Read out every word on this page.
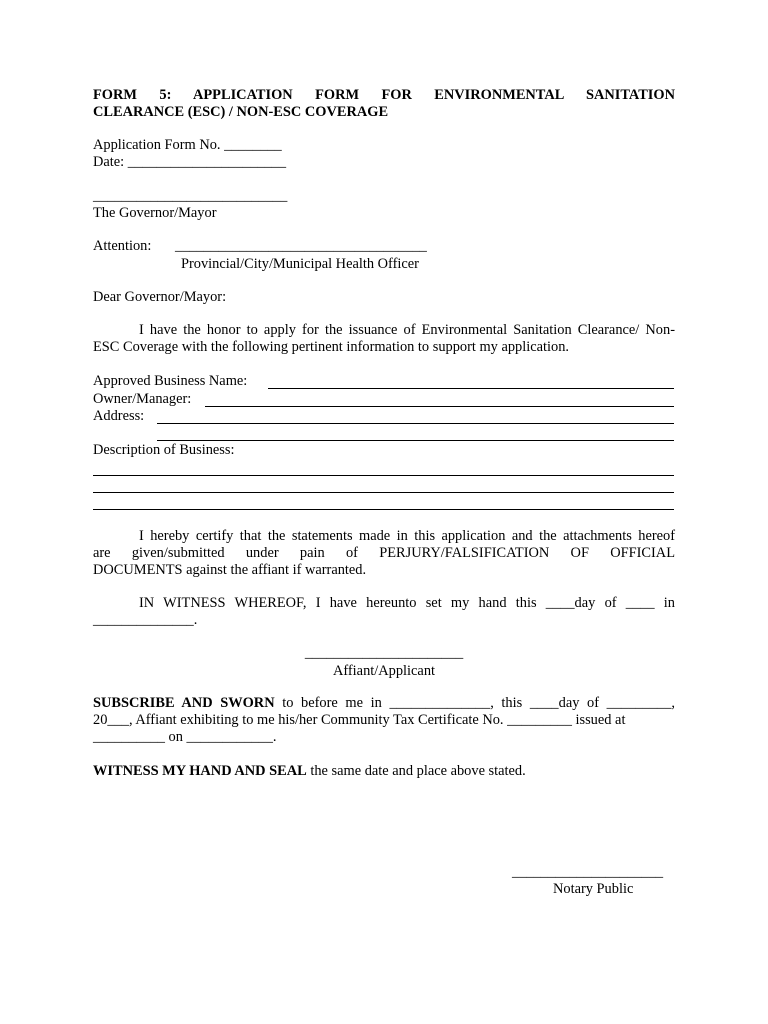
FORM 5: APPLICATION FORM FOR ENVIRONMENTAL SANITATION
CLEARANCE (ESC) / NON-ESC COVERAGE
Application Form No. ________
Date: ______________________
___________________________
The Governor/Mayor
Attention: ___________________________________
Provincial/City/Municipal Health Officer
Dear Governor/Mayor:
I have the honor to apply for the issuance of Environmental Sanitation Clearance/ Non-
ESC Coverage with the following pertinent information to support my application.
Approved Business Name:
Owner/Manager:
Address:
Description of Business:
I hereby certify that the statements made in this application and the attachments hereof
are given/submitted under pain of PERJURY/FALSIFICATION OF OFFICIAL
DOCUMENTS against the affiant if warranted.
IN WITNESS WHEREOF, I have hereunto set my hand this ____day of ____ in
______________.
______________________
Affiant/Applicant
SUBSCRIBE AND SWORN to before me in ______________, this ____day of _________,
20___, Affiant exhibiting to me his/her Community Tax Certificate No. _________ issued at
__________ on ____________.
WITNESS MY HAND AND SEAL the same date and place above stated.
_____________________
Notary Public
